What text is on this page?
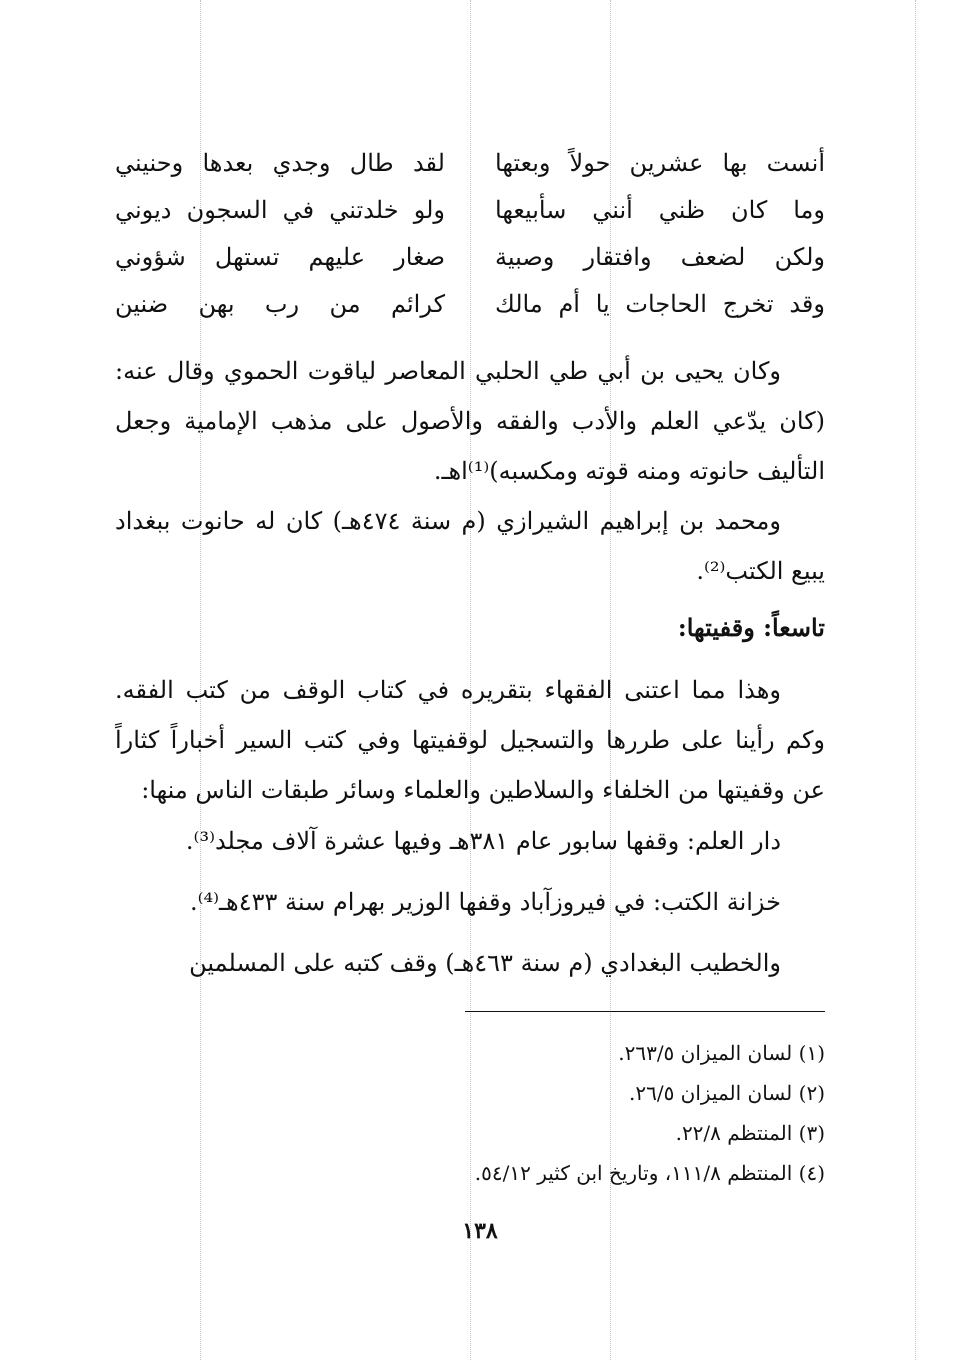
أنست بها عشرين حولاً وبعتها
لقد طال وجدي بعدها وحنيني
وما كان ظني أنني سأبيعها
ولو خلدتني في السجون ديوني
ولكن لضعف وافتقار وصبية
صغار عليهم تستهل شؤوني
وقد تخرج الحاجات يا أم مالك
كرائم من رب بهن ضنين
وكان يحيى بن أبي طي الحلبي المعاصر لياقوت الحموي وقال عنه: (كان يدّعي العلم والأدب والفقه والأصول على مذهب الإمامية وجعل التأليف حانوته ومنه قوته ومكسبه)⁽¹⁾اهـ.
ومحمد بن إبراهيم الشيرازي (م سنة ٤٧٤هـ) كان له حانوت ببغداد يبيع الكتب⁽²⁾.
تاسعاً: وقفيتها:
وهذا مما اعتنى الفقهاء بتقريره في كتاب الوقف من كتب الفقه. وكم رأينا على طررها والتسجيل لوقفيتها وفي كتب السير أخباراً كثاراً عن وقفيتها من الخلفاء والسلاطين والعلماء وسائر طبقات الناس منها:
دار العلم: وقفها سابور عام ٣٨١هـ وفيها عشرة آلاف مجلد⁽³⁾.
خزانة الكتب: في فيروزآباد وقفها الوزير بهرام سنة ٤٣٣هـ⁽⁴⁾.
والخطيب البغدادي (م سنة ٤٦٣هـ) وقف كتبه على المسلمين
(١) لسان الميزان ٢٦٣/٥.
(٢) لسان الميزان ٢٦/٥.
(٣) المنتظم ٢٢/٨.
(٤) المنتظم ١١١/٨، وتاريخ ابن كثير ٥٤/١٢.
١٣٨
